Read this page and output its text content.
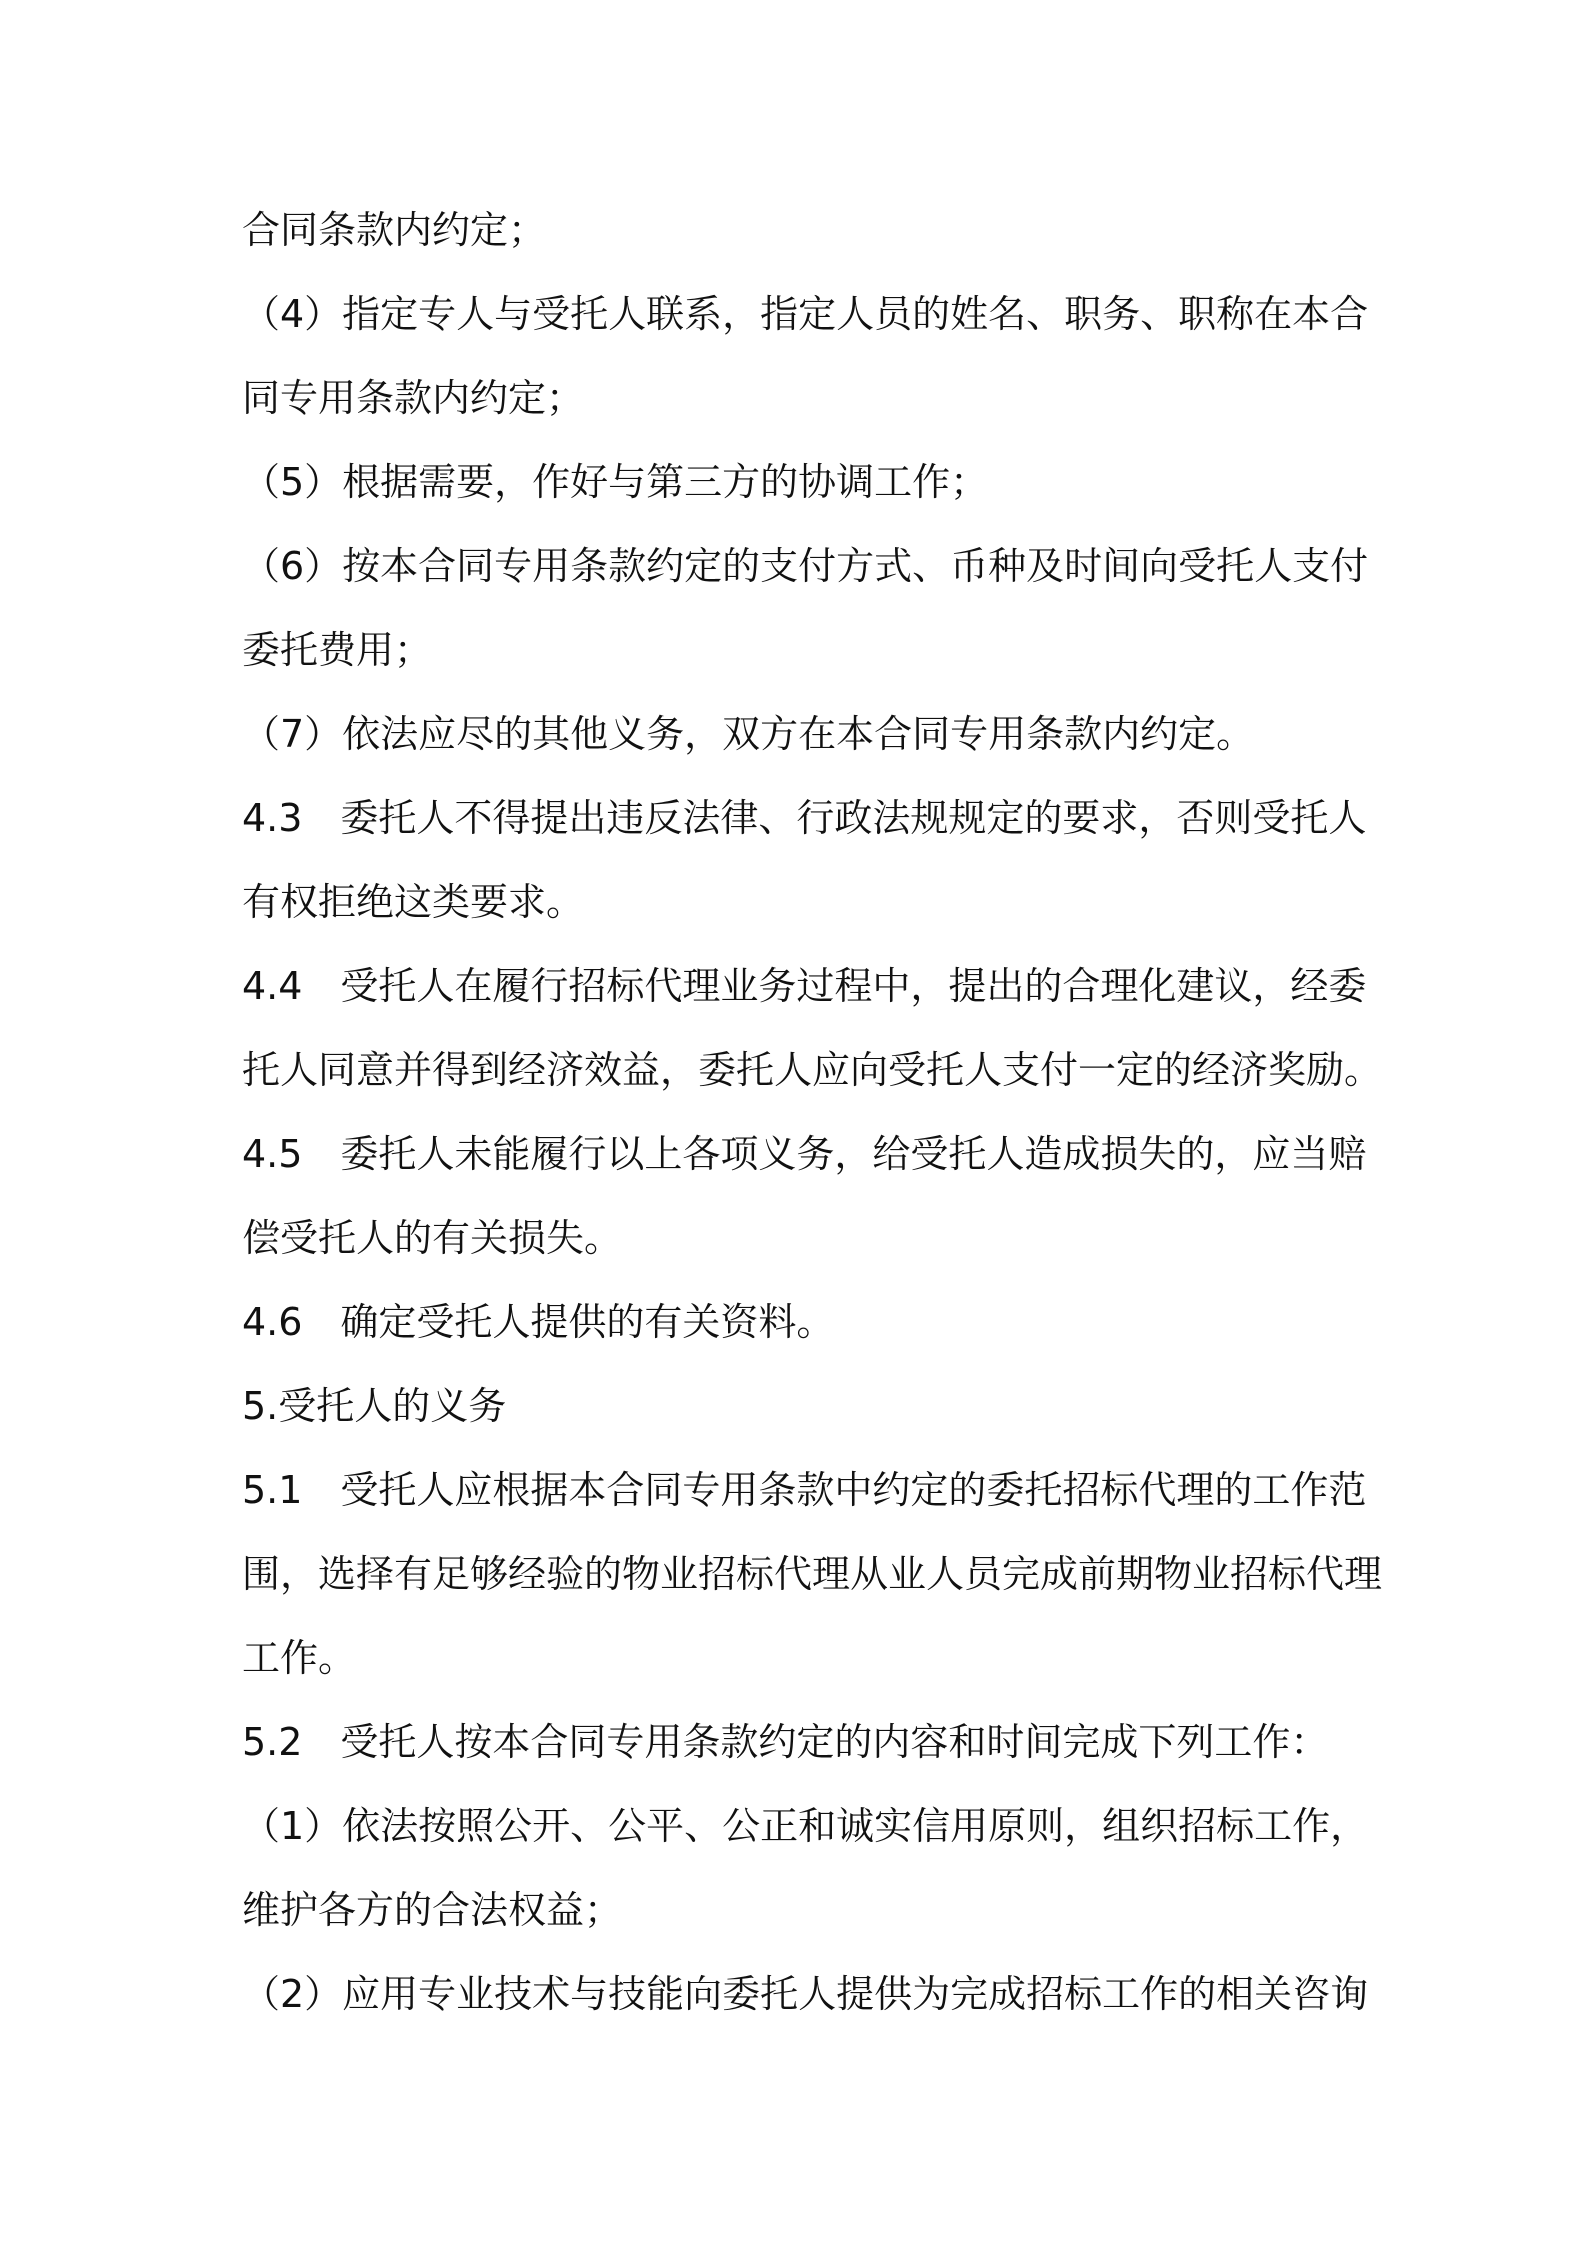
合同条款内约定；
（4）指定专人与受托人联系，指定人员的姓名、职务、职称在本合
同专用条款内约定；
（5）根据需要，作好与第三方的协调工作；
（6）按本合同专用条款约定的支付方式、币种及时间向受托人支付
委托费用；
（7）依法应尽的其他义务，双方在本合同专用条款内约定。
4.3　委托人不得提出违反法律、行政法规规定的要求，否则受托人
有权拒绝这类要求。
4.4　受托人在履行招标代理业务过程中，提出的合理化建议，经委
托人同意并得到经济效益，委托人应向受托人支付一定的经济奖励。
4.5　委托人未能履行以上各项义务，给受托人造成损失的，应当赔
偿受托人的有关损失。
4.6　确定受托人提供的有关资料。
5.受托人的义务
5.1　受托人应根据本合同专用条款中约定的委托招标代理的工作范
围，选择有足够经验的物业招标代理从业人员完成前期物业招标代理
工作。
5.2　受托人按本合同专用条款约定的内容和时间完成下列工作：
（1）依法按照公开、公平、公正和诚实信用原则，组织招标工作，
维护各方的合法权益；
（2）应用专业技术与技能向委托人提供为完成招标工作的相关咨询
